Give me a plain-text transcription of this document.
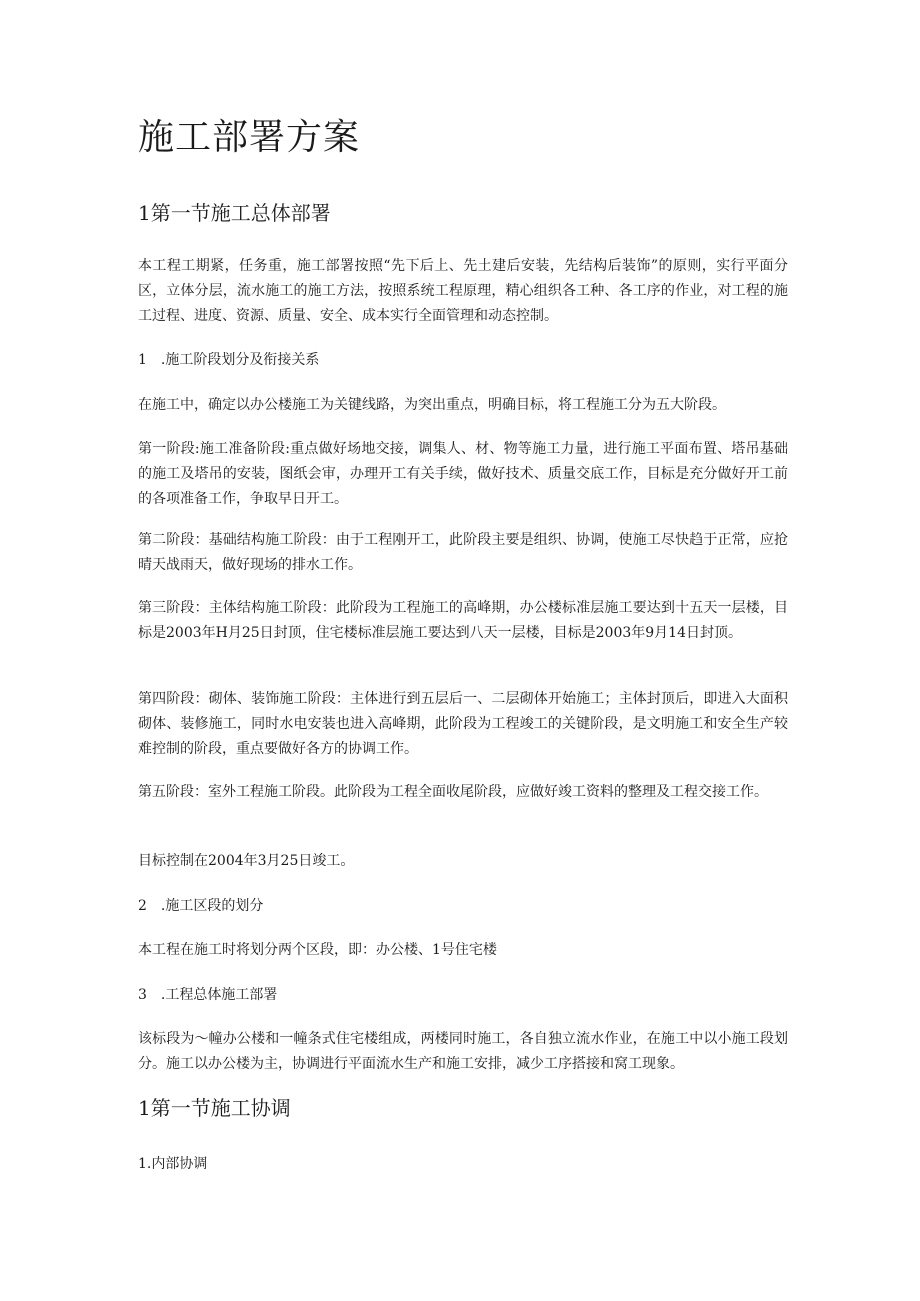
施工部署方案
1第一节施工总体部署

本工程工期紧，任务重，施工部署按照“先下后上、先土建后安装，先结构后装饰”的原则，实行平面分区，立体分层，流水施工的施工方法，按照系统工程原理，精心组织各工种、各工序的作业，对工程的施工过程、进度、资源、质量、安全、成本实行全面管理和动态控制。

1　.施工阶段划分及衔接关系

在施工中，确定以办公楼施工为关键线路，为突出重点，明确目标，将工程施工分为五大阶段。

第一阶段:施工准备阶段:重点做好场地交接，调集人、材、物等施工力量，进行施工平面布置、塔吊基础的施工及塔吊的安装，图纸会审，办理开工有关手续，做好技术、质量交底工作，目标是充分做好开工前的各项准备工作，争取早日开工。

第二阶段：基础结构施工阶段：由于工程刚开工，此阶段主要是组织、协调，使施工尽快趋于正常，应抢晴天战雨天，做好现场的排水工作。

第三阶段：主体结构施工阶段：此阶段为工程施工的高峰期，办公楼标准层施工要达到十五天一层楼，目标是2003年H月25日封顶，住宅楼标准层施工要达到八天一层楼，目标是2003年9月14日封顶。

第四阶段：砌体、装饰施工阶段：主体进行到五层后一、二层砌体开始施工；主体封顶后，即进入大面积砌体、装修施工，同时水电安装也进入高峰期，此阶段为工程竣工的关键阶段，是文明施工和安全生产较难控制的阶段，重点要做好各方的协调工作。

第五阶段：室外工程施工阶段。此阶段为工程全面收尾阶段，应做好竣工资料的整理及工程交接工作。

目标控制在2004年3月25日竣工。

2　.施工区段的划分

本工程在施工时将划分两个区段，即：办公楼、1号住宅楼

3　.工程总体施工部署

该标段为〜幢办公楼和一幢条式住宅楼组成，两楼同时施工，各自独立流水作业，在施工中以小施工段划分。施工以办公楼为主，协调进行平面流水生产和施工安排，减少工序搭接和窝工现象。

1第一节施工协调

1.内部协调
